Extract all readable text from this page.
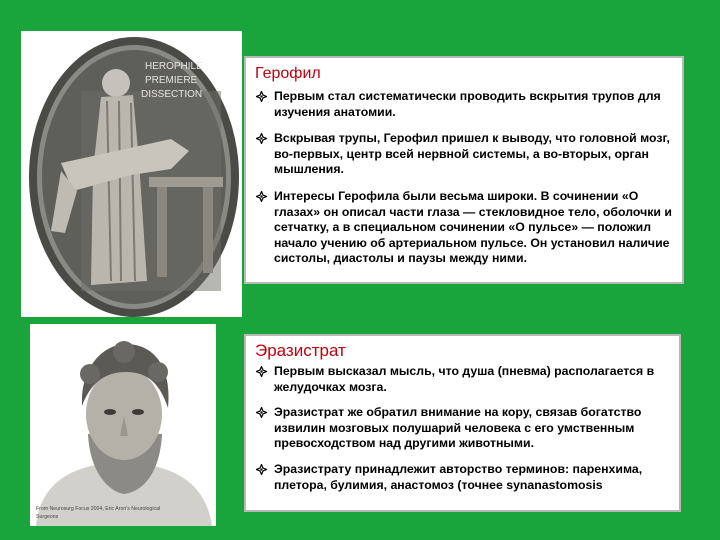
HEROPHILE
PREMIERE
DISSECTION
From Neurosurg Focus 2004, Eric Aron's Neurological
Surgeons
Герофил
Первым стал систематически проводить вскрытия трупов для изучения анатомии.
Вскрывая трупы, Герофил пришел к выводу, что головной мозг, во-первых, центр всей нервной системы, а во-вторых, орган мышления.
Интересы Герофила были весьма широки. В сочинении «О глазах» он описал части глаза — стекловидное тело, оболочки и сетчатку, а в специальном сочинении «О пульсе» — положил начало учению об артериальном пульсе. Он установил наличие систолы, диастолы и паузы между ними.
Эразистрат
Первым высказал мысль, что душа (пневма) располагается в желудочках мозга.
Эразистрат же обратил внимание на кору, связав богатство извилин мозговых полушарий человека с его умственным превосходством над другими животными.
Эразистрату принадлежит авторство терминов: паренхима, плетора, булимия, анастомоз (точнее synanastomosis
